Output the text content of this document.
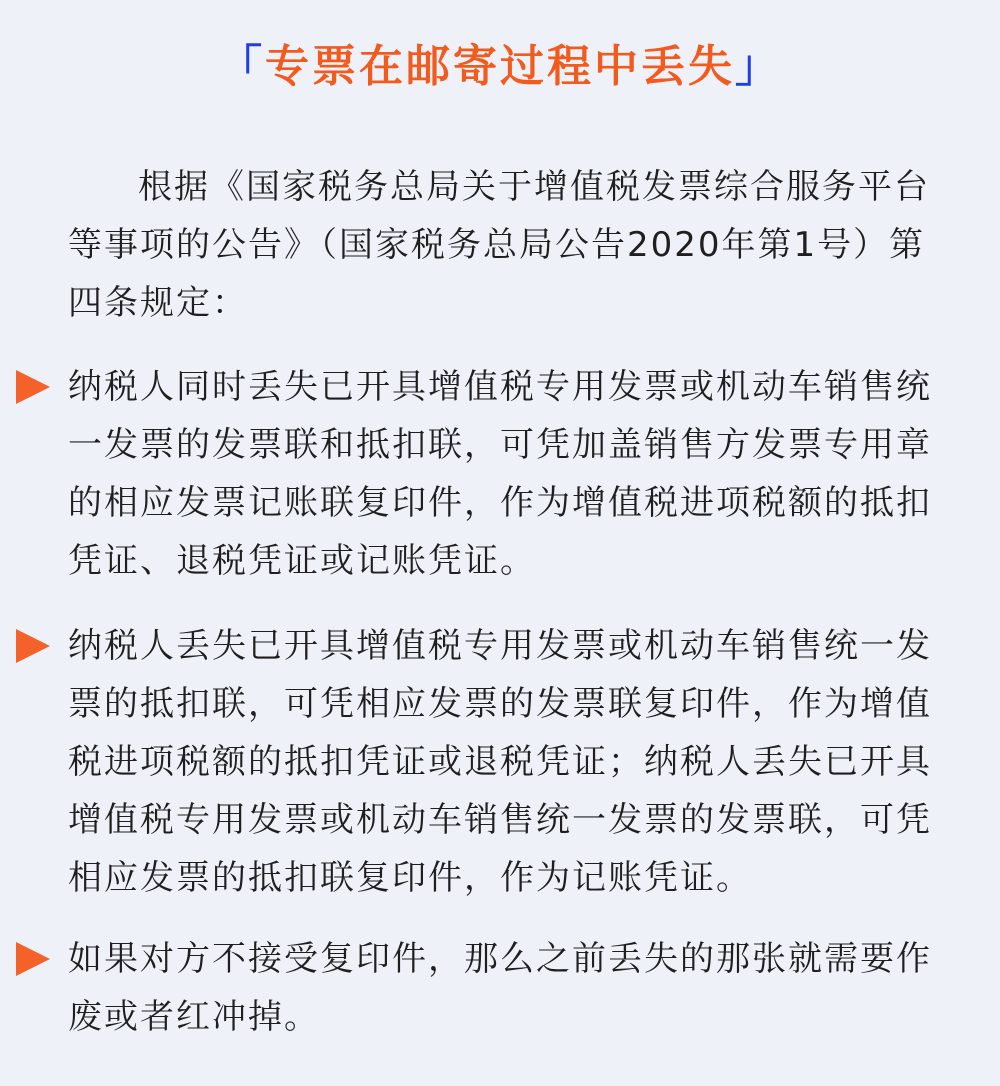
「专票在邮寄过程中丢失」

根据《国家税务总局关于增值税发票综合服务平台等事项的公告》（国家税务总局公告2020年第1号）第四条规定：

纳税人同时丢失已开具增值税专用发票或机动车销售统一发票的发票联和抵扣联，可凭加盖销售方发票专用章的相应发票记账联复印件，作为增值税进项税额的抵扣凭证、退税凭证或记账凭证。

纳税人丢失已开具增值税专用发票或机动车销售统一发票的抵扣联，可凭相应发票的发票联复印件，作为增值税进项税额的抵扣凭证或退税凭证；纳税人丢失已开具增值税专用发票或机动车销售统一发票的发票联，可凭相应发票的抵扣联复印件，作为记账凭证。

如果对方不接受复印件，那么之前丢失的那张就需要作废或者红冲掉。
